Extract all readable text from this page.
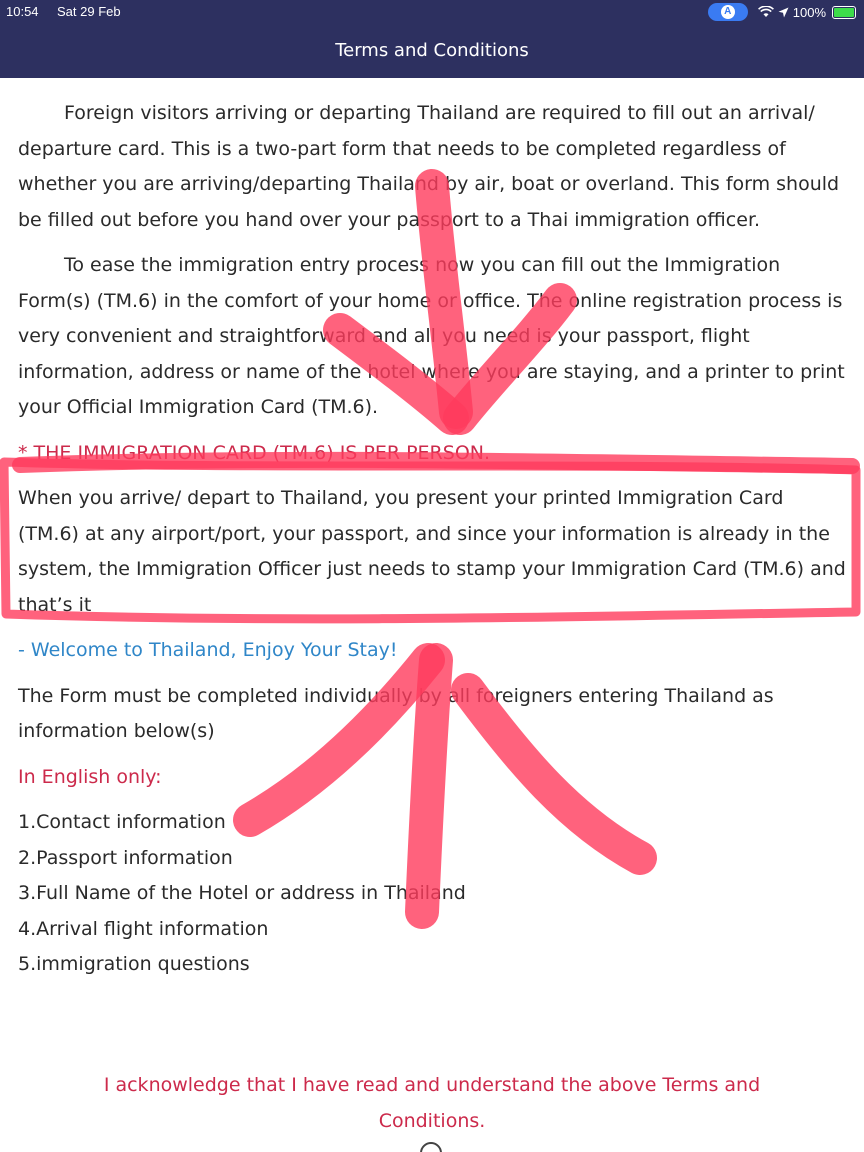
10:54 Sat 29 Feb	A	100%
Terms and Conditions

Foreign visitors arriving or departing Thailand are required to fill out an arrival/ departure card. This is a two-part form that needs to be completed regardless of whether you are arriving/departing Thailand by air, boat or overland. This form should be filled out before you hand over your passport to a Thai immigration officer.

To ease the immigration entry process now you can fill out the Immigration Form(s) (TM.6) in the comfort of your home or office. The online registration process is very convenient and straightforward and all you need is your passport, flight information, address or name of the hotel where you are staying, and a printer to print your Official Immigration Card (TM.6).

* THE IMMIGRATION CARD (TM.6) IS PER PERSON.

When you arrive/ depart to Thailand, you present your printed Immigration Card (TM.6) at any airport/port, your passport, and since your information is already in the system, the Immigration Officer just needs to stamp your Immigration Card (TM.6) and that’s it

- Welcome to Thailand, Enjoy Your Stay!

The Form must be completed individually by all foreigners entering Thailand as information below(s)

In English only:

1.Contact information

2.Passport information

3.Full Name of the Hotel or address in Thailand

4.Arrival flight information

5.immigration questions

I acknowledge that I have read and understand the above Terms and Conditions.
